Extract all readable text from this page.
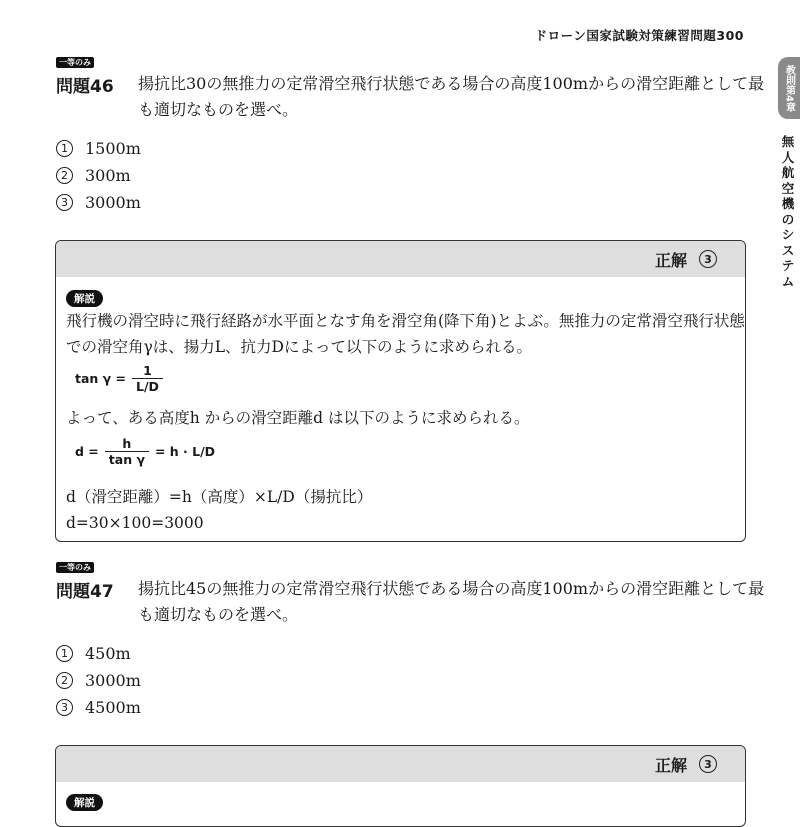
ドローン国家試験対策練習問題300
教則第4章
無人航空機のシステム
一等のみ
問題46 揚抗比30の無推力の定常滑空飛行状態である場合の高度100mからの滑空距離として最
も適切なものを選べ。
1	1500m
2	300m
3	3000m
正解	3
解説
飛行機の滑空時に飛行経路が水平面となす角を滑空角(降下角)とよぶ。無推力の定常滑空飛行状態
での滑空角γは、揚力L、抗力Dによって以下のように求められる。
$\tan \gamma = \frac{1}{L/D}$
よって、ある高度h からの滑空距離d は以下のように求められる。
$d = \frac{h}{\text{tan γ}} = h \cdot L/D$
d（滑空距離）=h（高度）×L/D（揚抗比）
d=30×100=3000
一等のみ
問題47 揚抗比45の無推力の定常滑空飛行状態である場合の高度100mからの滑空距離として最
も適切なものを選べ。
1	450m
2	3000m
3	4500m
正解	3
解説
